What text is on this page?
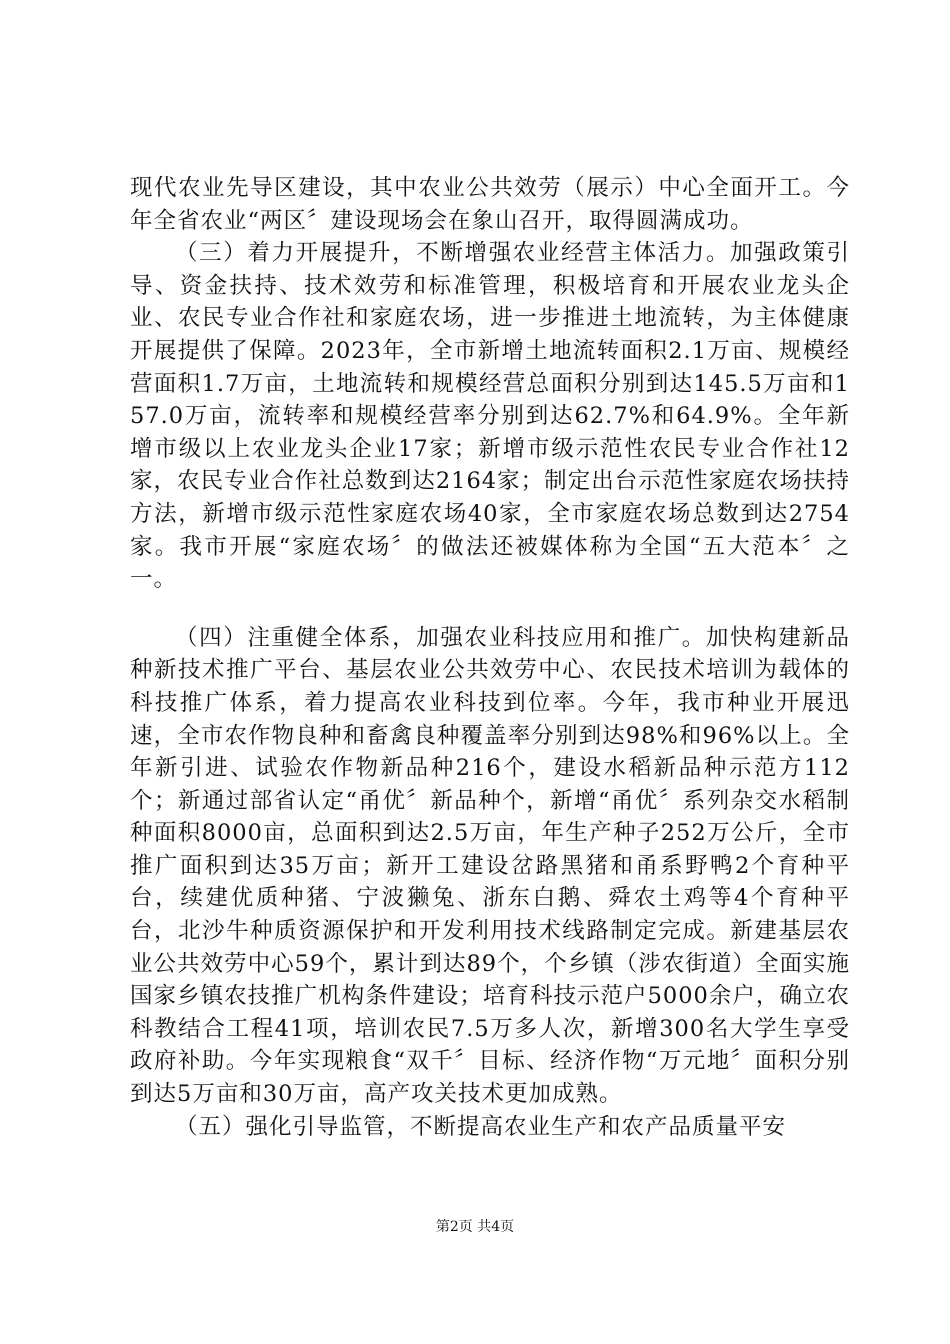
现代农业先导区建设，其中农业公共效劳（展示）中心全面开工。今年全省农业“两区〞建设现场会在象山召开，取得圆满成功。

（三）着力开展提升，不断增强农业经营主体活力。加强政策引导、资金扶持、技术效劳和标准管理，积极培育和开展农业龙头企业、农民专业合作社和家庭农场，进一步推进土地流转，为主体健康开展提供了保障。2023年，全市新增土地流转面积2.1万亩、规模经营面积1.7万亩，土地流转和规模经营总面积分别到达145.5万亩和157.0万亩，流转率和规模经营率分别到达62.7%和64.9%。全年新增市级以上农业龙头企业17家；新增市级示范性农民专业合作社12家，农民专业合作社总数到达2164家；制定出台示范性家庭农场扶持方法，新增市级示范性家庭农场40家，全市家庭农场总数到达2754家。我市开展“家庭农场〞的做法还被媒体称为全国“五大范本〞之一。

（四）注重健全体系，加强农业科技应用和推广。加快构建新品种新技术推广平台、基层农业公共效劳中心、农民技术培训为载体的科技推广体系，着力提高农业科技到位率。今年，我市种业开展迅速，全市农作物良种和畜禽良种覆盖率分别到达98%和96%以上。全年新引进、试验农作物新品种216个，建设水稻新品种示范方112个；新通过部省认定“甬优〞新品种个，新增“甬优〞系列杂交水稻制种面积8000亩，总面积到达2.5万亩，年生产种子252万公斤，全市推广面积到达35万亩；新开工建设岔路黑猪和甬系野鸭2个育种平台，续建优质种猪、宁波獭兔、浙东白鹅、舜农土鸡等4个育种平台，北沙牛种质资源保护和开发利用技术线路制定完成。新建基层农业公共效劳中心59个，累计到达89个，个乡镇（涉农街道）全面实施国家乡镇农技推广机构条件建设；培育科技示范户5000余户，确立农科教结合工程41项，培训农民7.5万多人次，新增300名大学生享受政府补助。今年实现粮食“双千〞目标、经济作物“万元地〞面积分别到达5万亩和30万亩，高产攻关技术更加成熟。

（五）强化引导监管，不断提高农业生产和农产品质量平安

第2页 共4页
